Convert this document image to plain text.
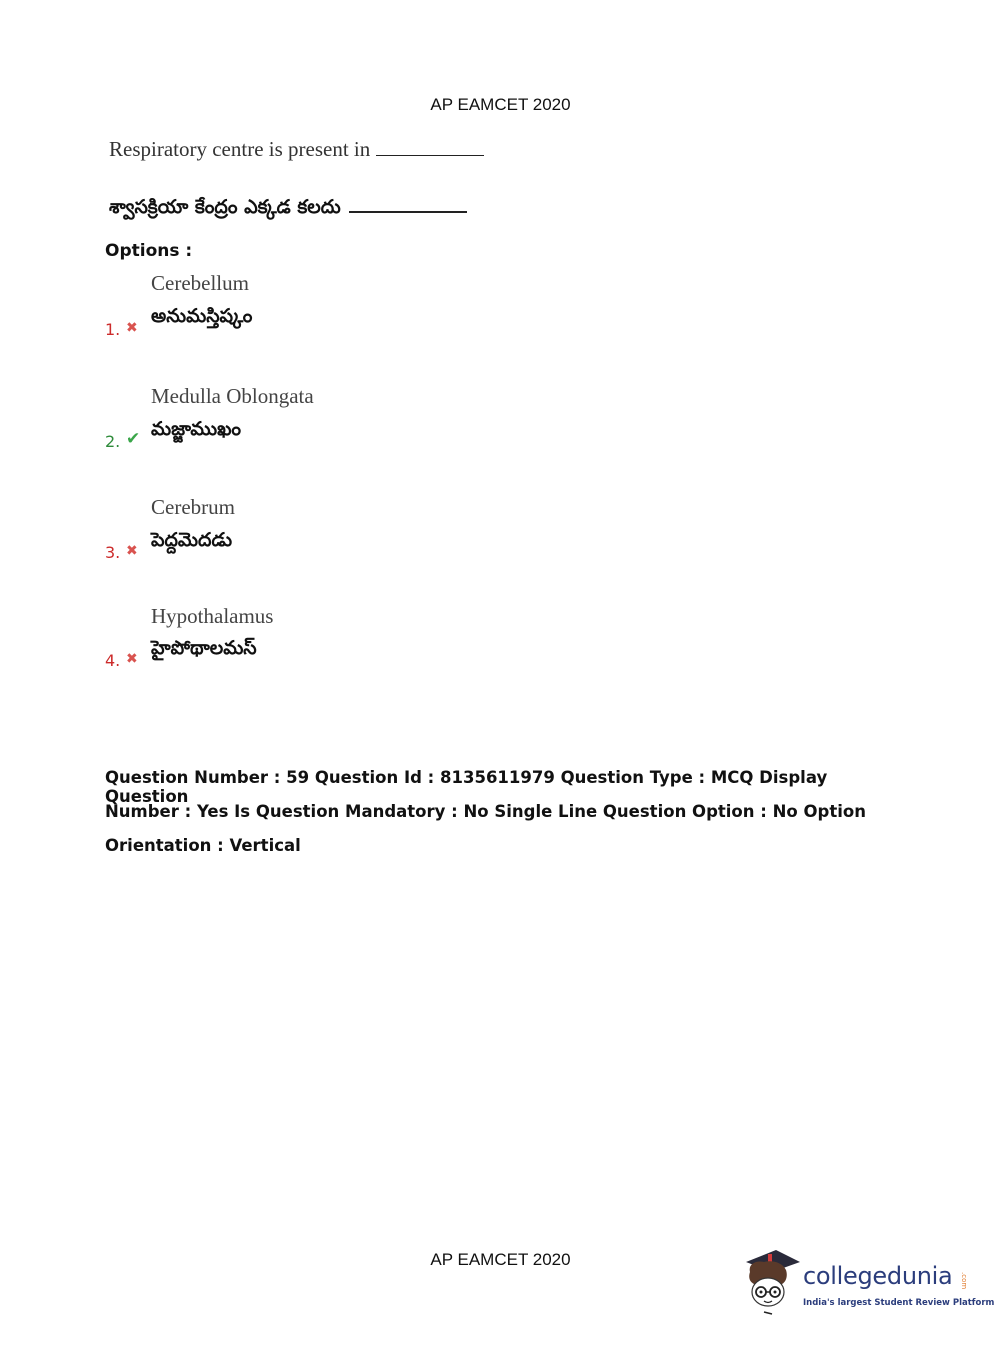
AP EAMCET 2020
Respiratory centre is present in
శ్వాసక్రియా కేంద్రం ఎక్కడ కలదు
Options :
Cerebellum
అనుమస్తిష్కం
1. ✖
Medulla Oblongata
మజ్జాముఖం
2. ✔
Cerebrum
పెద్దమెదడు
3. ✖
Hypothalamus
హైపోథాలమస్
4. ✖
Question Number : 59 Question Id : 8135611979 Question Type : MCQ Display Question
Number : Yes Is Question Mandatory : No Single Line Question Option : No Option
Orientation : Vertical
AP EAMCET 2020
collegedunia .com
India's largest Student Review Platform
